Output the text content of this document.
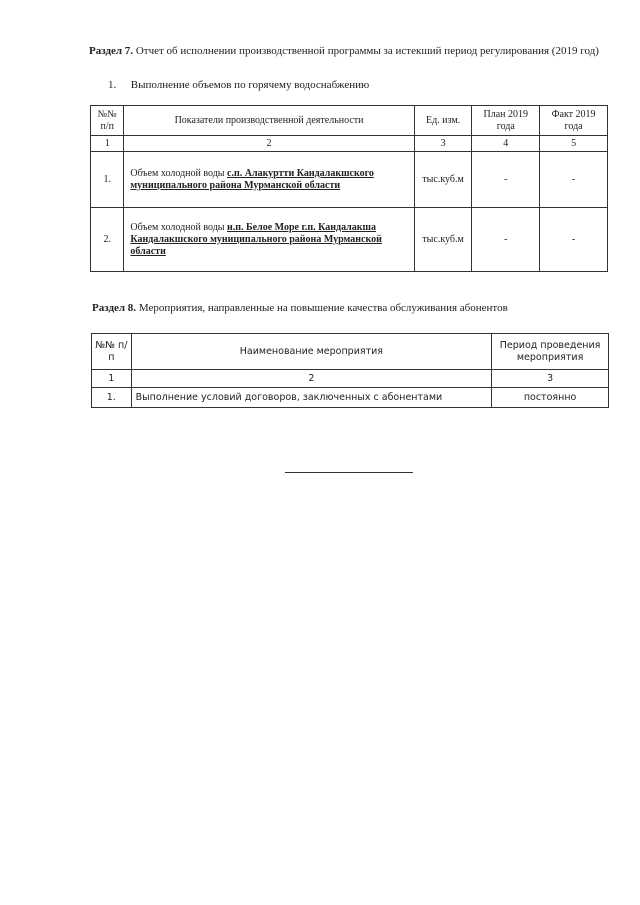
Раздел 7. Отчет об исполнении производственной программы за истекший период регулирования (2019 год)
1. Выполнение объемов по горячему водоснабжению
№№ п/п	Показатели производственной деятельности	Ед. изм.	План 2019 года	Факт 2019 года
1	2	3	4	5
1.	Объем холодной воды с.п. Алакуртти Кандалакшского муниципального района Мурманской области	тыс.куб.м	-	-
2.	Объем холодной воды н.п. Белое Море г.п. Кандалакша Кандалакшского муниципального района Мурманской области	тыс.куб.м	-	-
Раздел 8. Мероприятия, направленные на повышение качества обслуживания абонентов
№№ п/п	Наименование мероприятия	Период проведения мероприятия
1	2	3
1.	Выполнение условий договоров, заключенных с абонентами	постоянно
